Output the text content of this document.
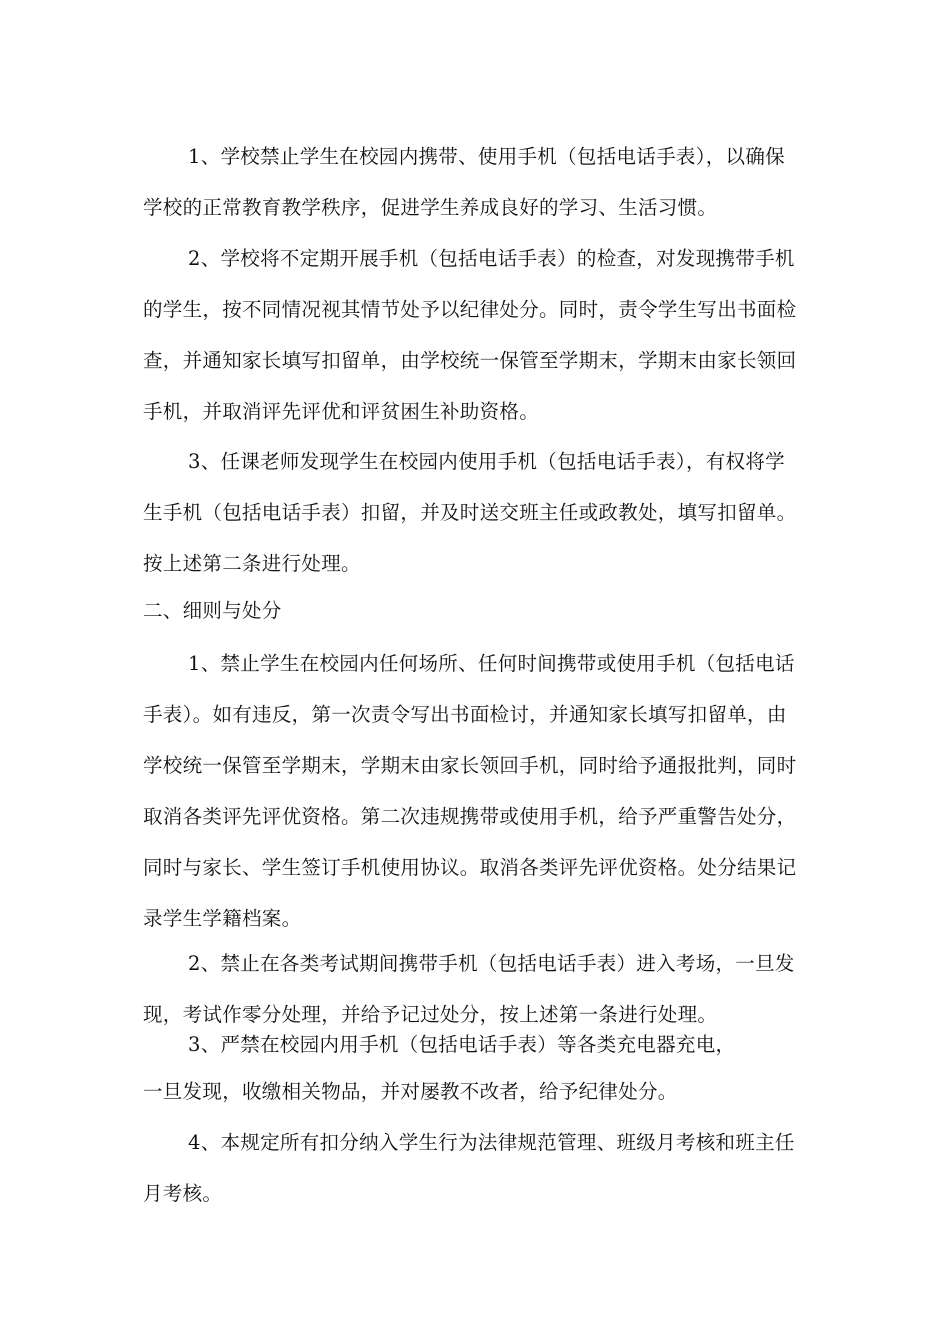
1、学校禁止学生在校园内携带、使用手机（包括电话手表），以确保
学校的正常教育教学秩序，促进学生养成良好的学习、生活习惯。
2、学校将不定期开展手机（包括电话手表）的检查，对发现携带手机
的学生，按不同情况视其情节处予以纪律处分。同时，责令学生写出书面检
查，并通知家长填写扣留单，由学校统一保管至学期末，学期末由家长领回
手机，并取消评先评优和评贫困生补助资格。
3、任课老师发现学生在校园内使用手机（包括电话手表），有权将学
生手机（包括电话手表）扣留，并及时送交班主任或政教处，填写扣留单。
按上述第二条进行处理。
二、细则与处分
1、禁止学生在校园内任何场所、任何时间携带或使用手机（包括电话
手表）。如有违反，第一次责令写出书面检讨，并通知家长填写扣留单，由
学校统一保管至学期末，学期末由家长领回手机，同时给予通报批判，同时
取消各类评先评优资格。第二次违规携带或使用手机，给予严重警告处分，
同时与家长、学生签订手机使用协议。取消各类评先评优资格。处分结果记
录学生学籍档案。
2、禁止在各类考试期间携带手机（包括电话手表）进入考场，一旦发
现，考试作零分处理，并给予记过处分，按上述第一条进行处理。
3、严禁在校园内用手机（包括电话手表）等各类充电器充电，
一旦发现，收缴相关物品，并对屡教不改者，给予纪律处分。
4、本规定所有扣分纳入学生行为法律规范管理、班级月考核和班主任
月考核。
